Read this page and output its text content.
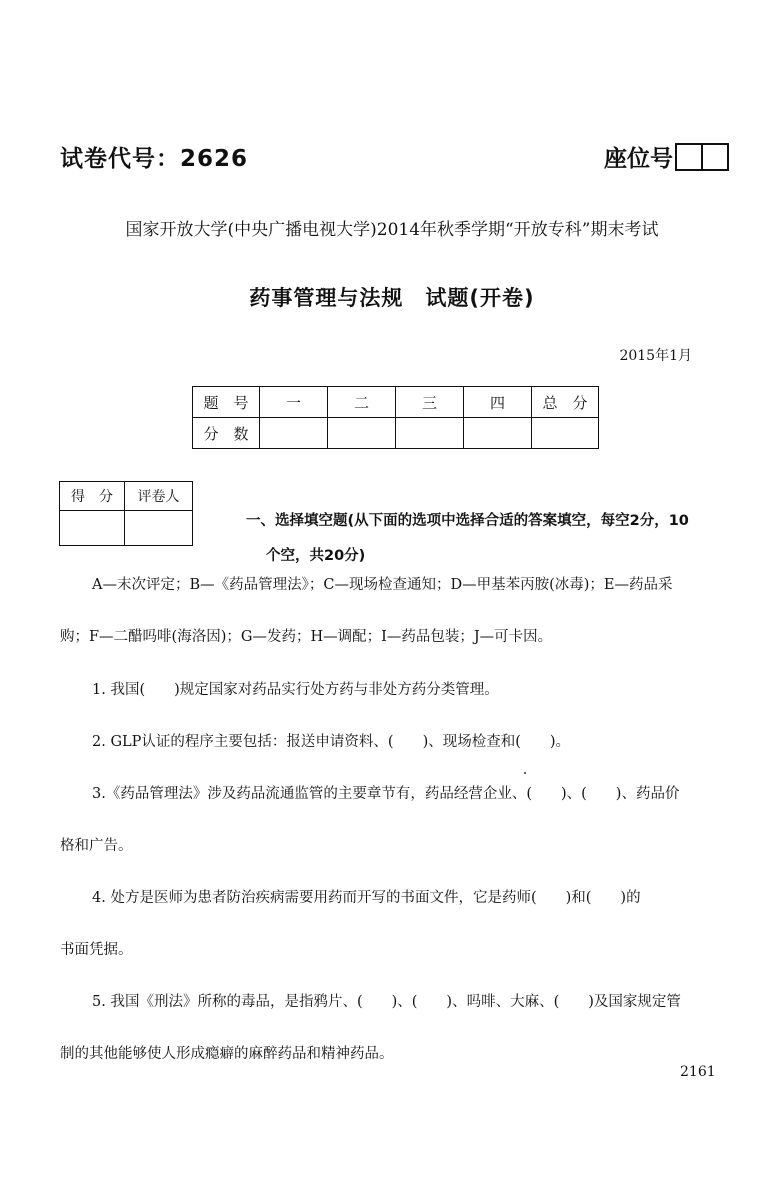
试卷代号：2626	座位号
国家开放大学(中央广播电视大学)2014年秋季学期“开放专科”期末考试
药事管理与法规　试题(开卷)
2015年1月
题　号	一	二	三	四	总　分
分　数					
得　分	评卷人

一、选择填空题(从下面的选项中选择合适的答案填空，每空2分，10
个空，共20分)
A—末次评定；B—《药品管理法》；C—现场检查通知；D—甲基苯丙胺(冰毒)；E—药品采
购；F—二醋吗啡(海洛因)；G—发药；H—调配；I—药品包装；J—可卡因。
1. 我国(　　)规定国家对药品实行处方药与非处方药分类管理。
2. GLP认证的程序主要包括：报送申请资料、(　　)、现场检查和(　　)。
3.《药品管理法》涉及药品流通监管的主要章节有，药品经营企业、(　　)、(　　)、药品价
格和广告。
4. 处方是医师为患者防治疾病需要用药而开写的书面文件，它是药师(　　)和(　　)的
书面凭据。
5. 我国《刑法》所称的毒品，是指鸦片、(　　)、(　　)、吗啡、大麻、(　　)及国家规定管
制的其他能够使人形成瘾癖的麻醉药品和精神药品。
2161
